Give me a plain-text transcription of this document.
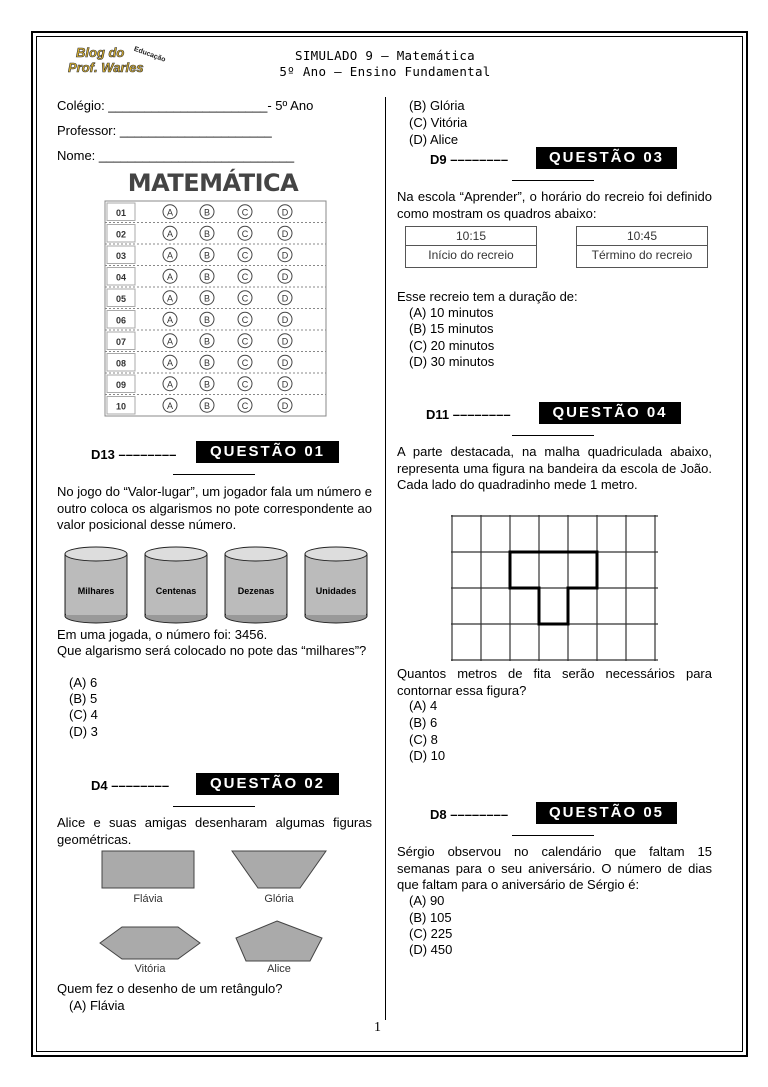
Blog do
Prof. Warles
Educação	SIMULADO 9 – Matemática
5º Ano – Ensino Fundamental
Colégio: ______________________- 5º Ano
Professor: _____________________
Nome: ___________________________
MATEMÁTICA
01	A	B	C	D
02	A	B	C	D
03	A	B	C	D
04	A	B	C	D
05	A	B	C	D
06	A	B	C	D
07	A	B	C	D
08	A	B	C	D
09	A	B	C	D
10	A	B	C	D
D13 ––––––––	QUESTÃO 01
No jogo do “Valor-lugar”, um jogador fala um número e outro coloca os algarismos no pote correspondente ao valor posicional desse número.
Milhares	Centenas	Dezenas	Unidades
Em uma jogada, o número foi: 3456.
Que algarismo será colocado no pote das “milhares”?
(A) 6
(B) 5
(C) 4
(D) 3
D4 ––––––––	QUESTÃO 02
Alice e suas amigas desenharam algumas figuras geométricas.
Flávia	Glória
Vitória	Alice
Quem fez o desenho de um retângulo?
(A) Flávia
(B) Glória
(C) Vitória
(D) Alice
D9 ––––––––	QUESTÃO 03
Na escola “Aprender”, o horário do recreio foi definido como mostram os quadros abaixo:
10:15
Início do recreio
10:45
Término do recreio
Esse recreio tem a duração de:
(A) 10 minutos
(B) 15 minutos
(C) 20 minutos
(D) 30 minutos
D11 ––––––––	QUESTÃO 04
A parte destacada, na malha quadriculada abaixo, representa uma figura na bandeira da escola de João. Cada lado do quadradinho mede 1 metro.
Quantos metros de fita serão necessários para contornar essa figura?
(A) 4
(B) 6
(C) 8
(D) 10
D8 ––––––––	QUESTÃO 05
Sérgio observou no calendário que faltam 15 semanas para o seu aniversário. O número de dias que faltam para o aniversário de Sérgio é:
(A) 90
(B) 105
(C) 225
(D) 450
1
